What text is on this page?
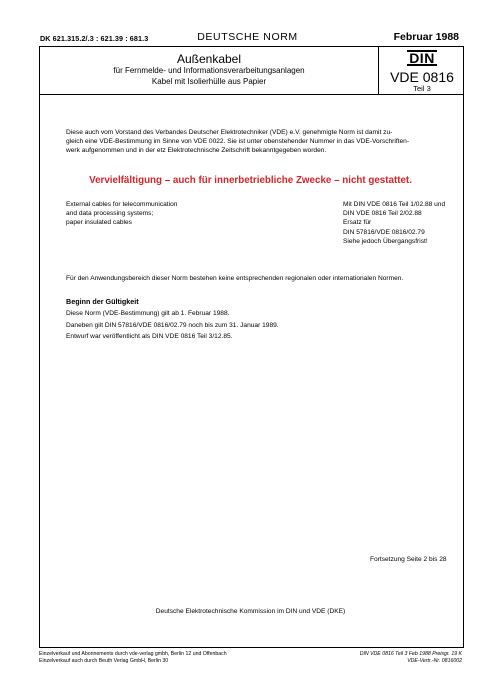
DK 621.315.2/.3 : 621.39 : 681.3	DEUTSCHE NORM	Februar 1988
Außenkabel
für Fernmelde- und Informationsverarbeitungsanlagen
Kabel mit Isolierhülle aus Papier
DIN
VDE 0816
Teil 3
Diese auch vom Vorstand des Verbandes Deutscher Elektrotechniker (VDE) e.V. genehmigte Norm ist damit zu-
gleich eine VDE-Bestimmung im Sinne von VDE 0022. Sie ist unter obenstehender Nummer in das VDE-Vorschriften-
werk aufgenommen und in der etz Elektrotechnische Zeitschrift bekanntgegeben worden.
Vervielfältigung – auch für innerbetriebliche Zwecke – nicht gestattet.
External cables for telecommunication
and data processing systems;
paper insulated cables
Mit DIN VDE 0816 Teil 1/02.88 und
DIN VDE 0816 Teil 2/02.88
Ersatz für
DIN 57816/VDE 0816/02.79
Siehe jedoch Übergangsfrist!
Für den Anwendungsbereich dieser Norm bestehen keine entsprechenden regionalen oder internationalen Normen.
Beginn der Gültigkeit
Diese Norm (VDE-Bestimmung) gilt ab 1. Februar 1988.
Daneben gilt DIN 57816/VDE 0816/02.79 noch bis zum 31. Januar 1989.
Entwurf war veröffentlicht als DIN VDE 0816 Teil 3/12.85.
Fortsetzung Seite 2 bis 28
Deutsche Elektrotechnische Kommission im DIN und VDE (DKE)
Einzelverkauf und Abonnements durch vde-verlag gmbh, Berlin 12 und Offenbach
Einzelverkauf auch durch Beuth Verlag GmbH, Berlin 30
DIN VDE 0816 Teil 3 Feb 1988 Preisgr. 19 K
VDE-Vertr.-Nr. 0816002
